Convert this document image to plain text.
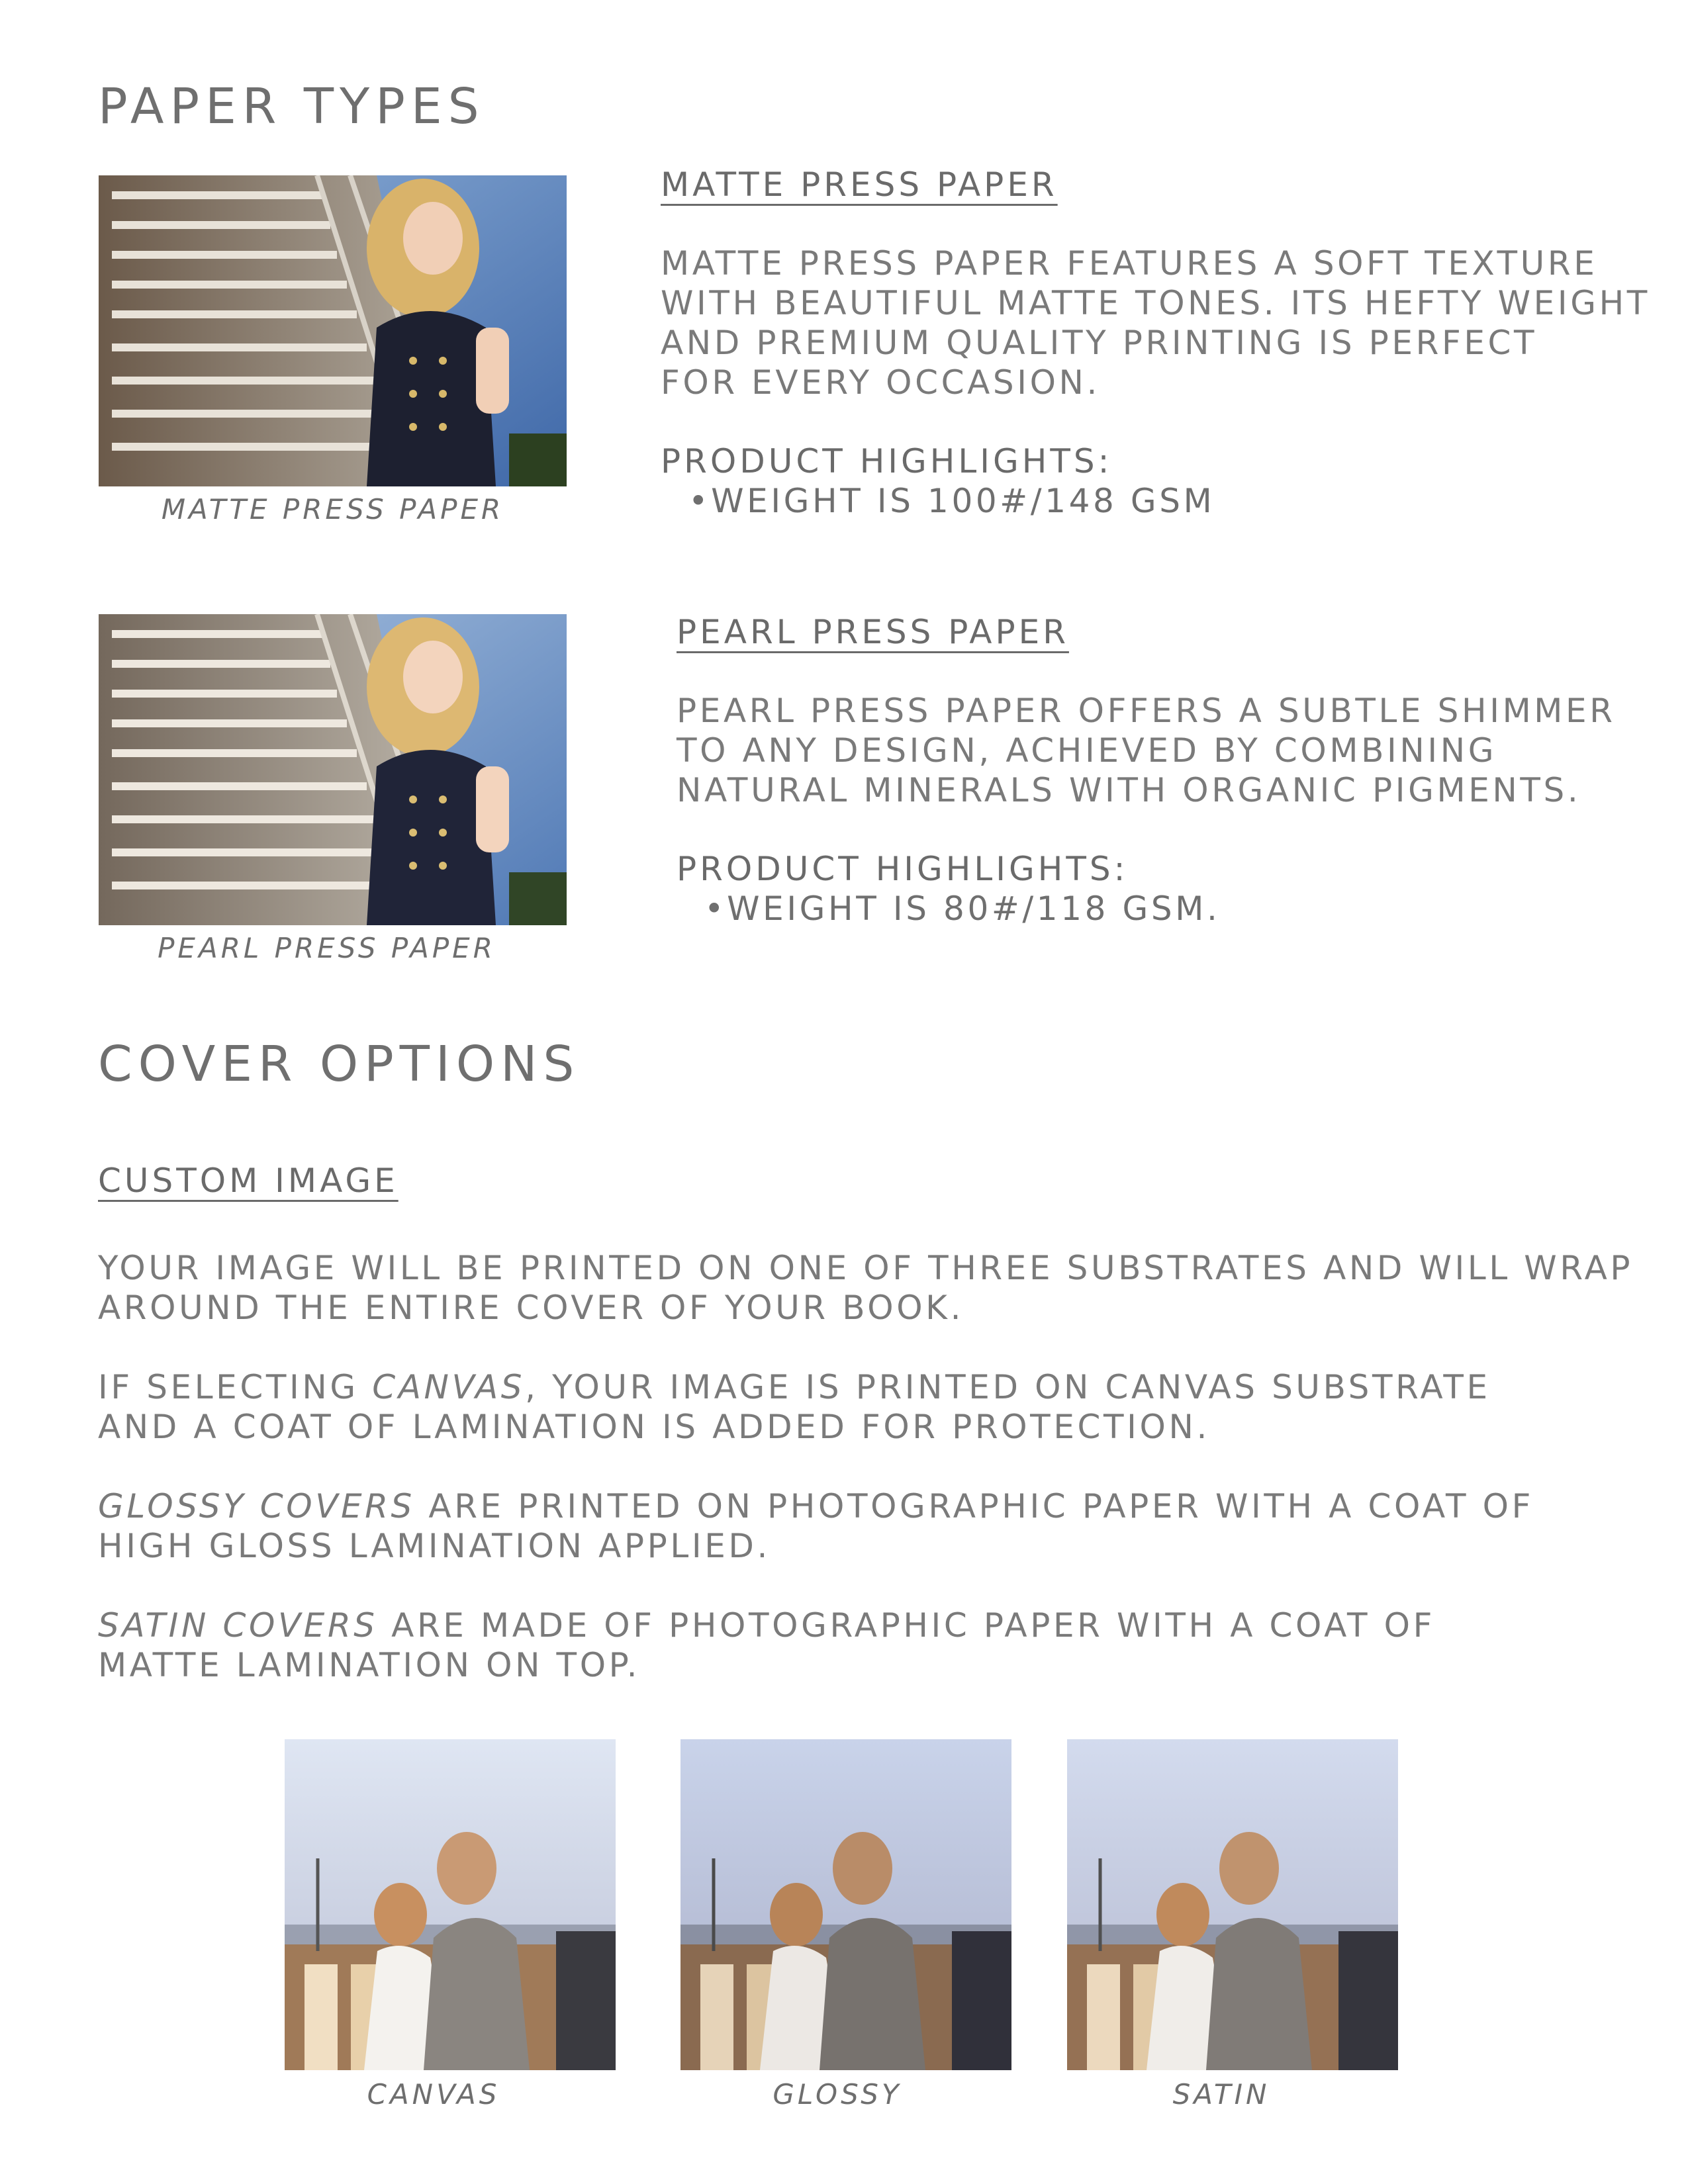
PAPER TYPES
MATTE PRESS PAPER
MATTE PRESS PAPER

MATTE PRESS PAPER FEATURES A SOFT TEXTURE

WITH BEAUTIFUL MATTE TONES. ITS HEFTY WEIGHT

AND PREMIUM QUALITY PRINTING IS PERFECT

FOR EVERY OCCASION.

PRODUCT HIGHLIGHTS:

•WEIGHT IS 100#/148 GSM
PEARL PRESS PAPER
PEARL PRESS PAPER

PEARL PRESS PAPER OFFERS A SUBTLE SHIMMER

TO ANY DESIGN, ACHIEVED BY COMBINING

NATURAL MINERALS WITH ORGANIC PIGMENTS.

PRODUCT HIGHLIGHTS:

•WEIGHT IS 80#/118 GSM.
COVER OPTIONS
CUSTOM IMAGE

YOUR IMAGE WILL BE PRINTED ON ONE OF THREE SUBSTRATES AND WILL WRAP

AROUND THE ENTIRE COVER OF YOUR BOOK.

IF SELECTING CANVAS, YOUR IMAGE IS PRINTED ON CANVAS SUBSTRATE

AND A COAT OF LAMINATION IS ADDED FOR PROTECTION.

GLOSSY COVERS ARE PRINTED ON PHOTOGRAPHIC PAPER WITH A COAT OF

HIGH GLOSS LAMINATION APPLIED.

SATIN COVERS ARE MADE OF PHOTOGRAPHIC PAPER WITH A COAT OF

MATTE LAMINATION ON TOP.

CANVAS	GLOSSY	SATIN
